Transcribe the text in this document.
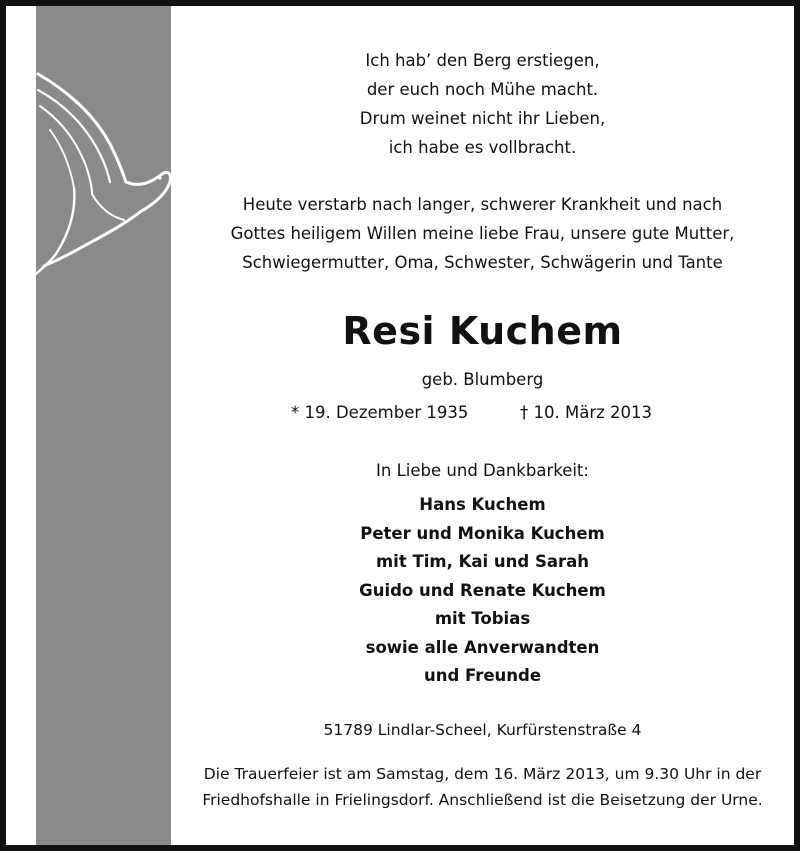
Ich hab’ den Berg erstiegen,
der euch noch Mühe macht.
Drum weinet nicht ihr Lieben,
ich habe es vollbracht.
Heute verstarb nach langer, schwerer Krankheit und nach
Gottes heiligem Willen meine liebe Frau, unsere gute Mutter,
Schwiegermutter, Oma, Schwester, Schwägerin und Tante
Resi Kuchem
geb. Blumberg
* 19. Dezember 1935	† 10. März 2013
In Liebe und Dankbarkeit:
Hans Kuchem
Peter und Monika Kuchem
mit Tim, Kai und Sarah
Guido und Renate Kuchem
mit Tobias
sowie alle Anverwandten
und Freunde
51789 Lindlar-Scheel, Kurfürstenstraße 4
Die Trauerfeier ist am Samstag, dem 16. März 2013, um 9.30 Uhr in der
Friedhofshalle in Frielingsdorf. Anschließend ist die Beisetzung der Urne.
